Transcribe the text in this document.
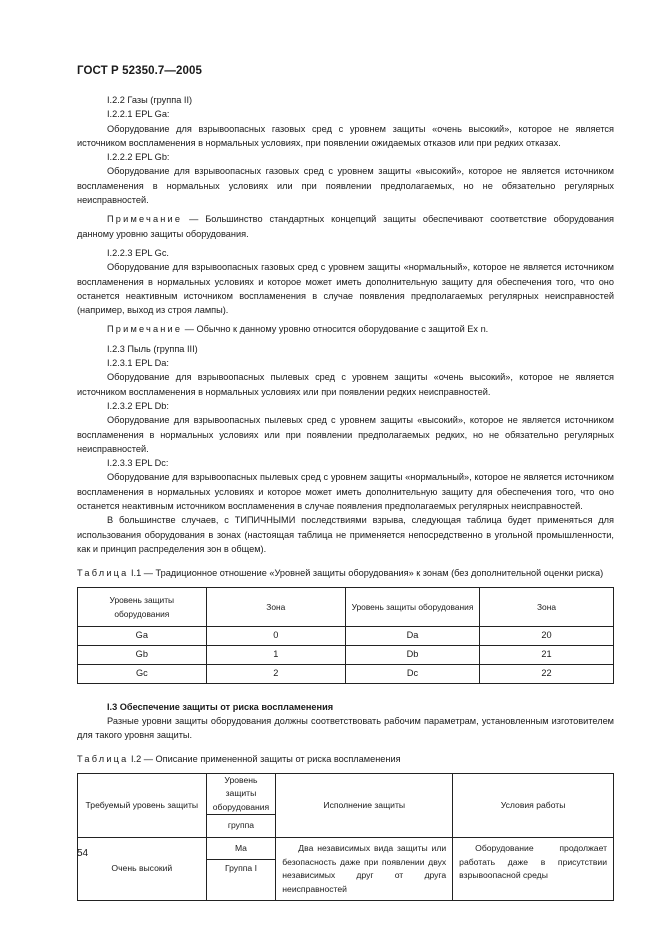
ГОСТ Р 52350.7—2005

I.2.2 Газы (группа II)

I.2.2.1 EPL Ga:

Оборудование для взрывоопасных газовых сред с уровнем защиты «очень высокий», которое не является источником воспламенения в нормальных условиях, при появлении ожидаемых отказов или при редких отказах.

I.2.2.2 EPL Gb:

Оборудование для взрывоопасных газовых сред с уровнем защиты «высокий», которое не является источником воспламенения в нормальных условиях или при появлении предполагаемых, но не обязательно регулярных неисправностей.

Примечание — Большинство стандартных концепций защиты обеспечивают соответствие оборудования данному уровню защиты оборудования.

I.2.2.3 EPL Gc.

Оборудование для взрывоопасных газовых сред с уровнем защиты «нормальный», которое не является источником воспламенения в нормальных условиях и которое может иметь дополнительную защиту для обеспечения того, что оно останется неактивным источником воспламенения в случае появления предполагаемых регулярных неисправностей (например, выход из строя лампы).

Примечание — Обычно к данному уровню относится оборудование с защитой Ex n.

I.2.3 Пыль (группа III)

I.2.3.1 EPL Da:

Оборудование для взрывоопасных пылевых сред с уровнем защиты «очень высокий», которое не является источником воспламенения в нормальных условиях или при появлении редких неисправностей.

I.2.3.2 EPL Db:

Оборудование для взрывоопасных пылевых сред с уровнем защиты «высокий», которое не является источником воспламенения в нормальных условиях или при появлении предполагаемых редких, но не обязательно регулярных неисправностей.

I.2.3.3 EPL Dc:

Оборудование для взрывоопасных пылевых сред с уровнем защиты «нормальный», которое не является источником воспламенения в нормальных условиях и которое может иметь дополнительную защиту для обеспечения того, что оно останется неактивным источником воспламенения в случае появления предполагаемых регулярных неисправностей.

В большинстве случаев, с ТИПИЧНЫМИ последствиями взрыва, следующая таблица будет применяться для использования оборудования в зонах (настоящая таблица не применяется непосредственно в угольной промышленности, как и принцип распределения зон в общем).

Таблица I.1 — Традиционное отношение «Уровней защиты оборудования» к зонам (без дополнительной оценки риска)

Уровень защиты оборудования	Зона	Уровень защиты оборудования	Зона
Ga	0	Da	20
Gb	1	Db	21
Gc	2	Dc	22

I.3 Обеспечение защиты от риска воспламенения

Разные уровни защиты оборудования должны соответствовать рабочим параметрам, установленным изготовителем для такого уровня защиты.

Таблица I.2 — Описание примененной защиты от риска воспламенения

Требуемый уровень защиты	Уровень защиты оборудования	Исполнение защиты	Условия работы
	группа		
Очень высокий	Ma	Два независимых вида защиты или безопасность даже при появлении двух независимых друг от друга неисправностей	Оборудование продолжает работать даже в присутствии взрывоопасной среды
	Группа I		
54
